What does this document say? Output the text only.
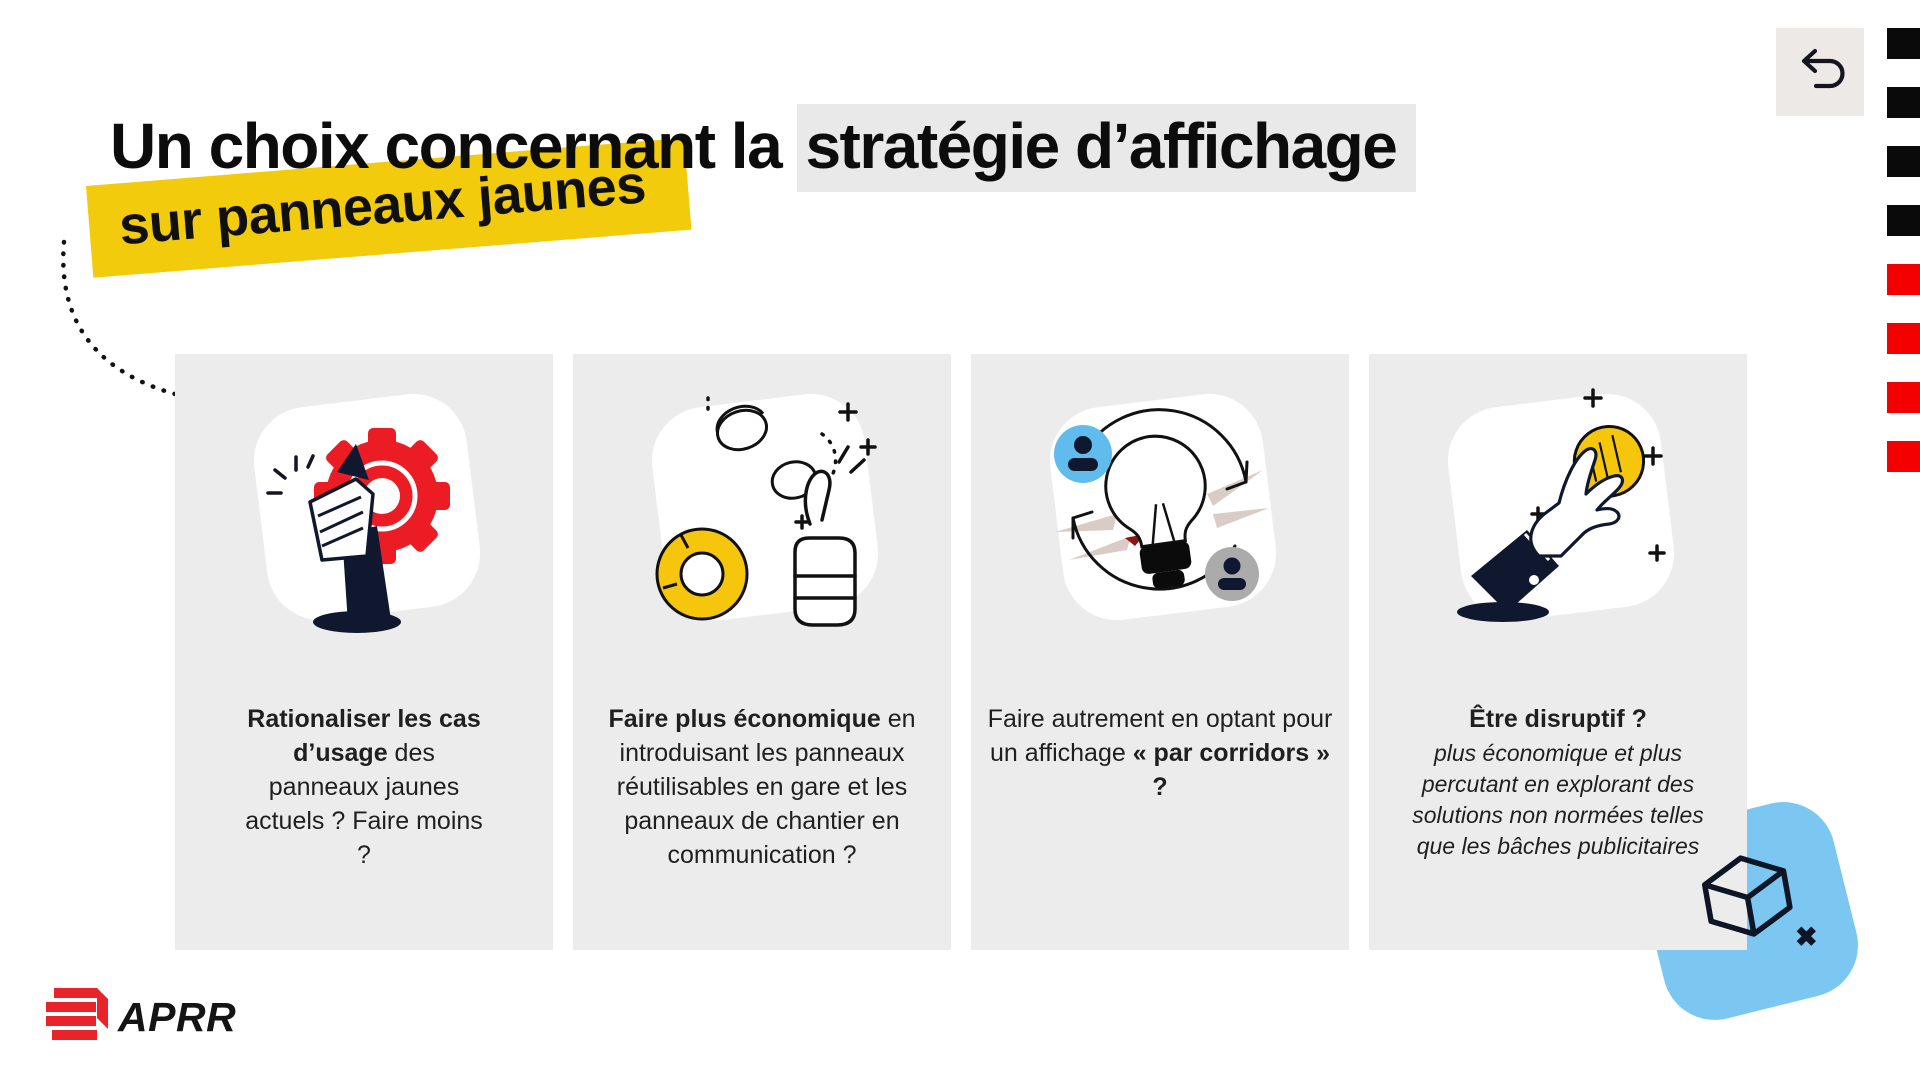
Un choix concernant la stratégie d’affichage
sur panneaux jaunes
Rationaliser les cas d’usage des panneaux jaunes actuels ? Faire moins ?
Faire plus économique en introduisant les panneaux réutilisables en gare et les panneaux de chantier en communication ?
Faire autrement en optant pour un affichage « par corridors » ?
Être disruptif ?
plus économique et plus percutant en explorant des solutions non normées telles que les bâches publicitaires
✖
APRR
